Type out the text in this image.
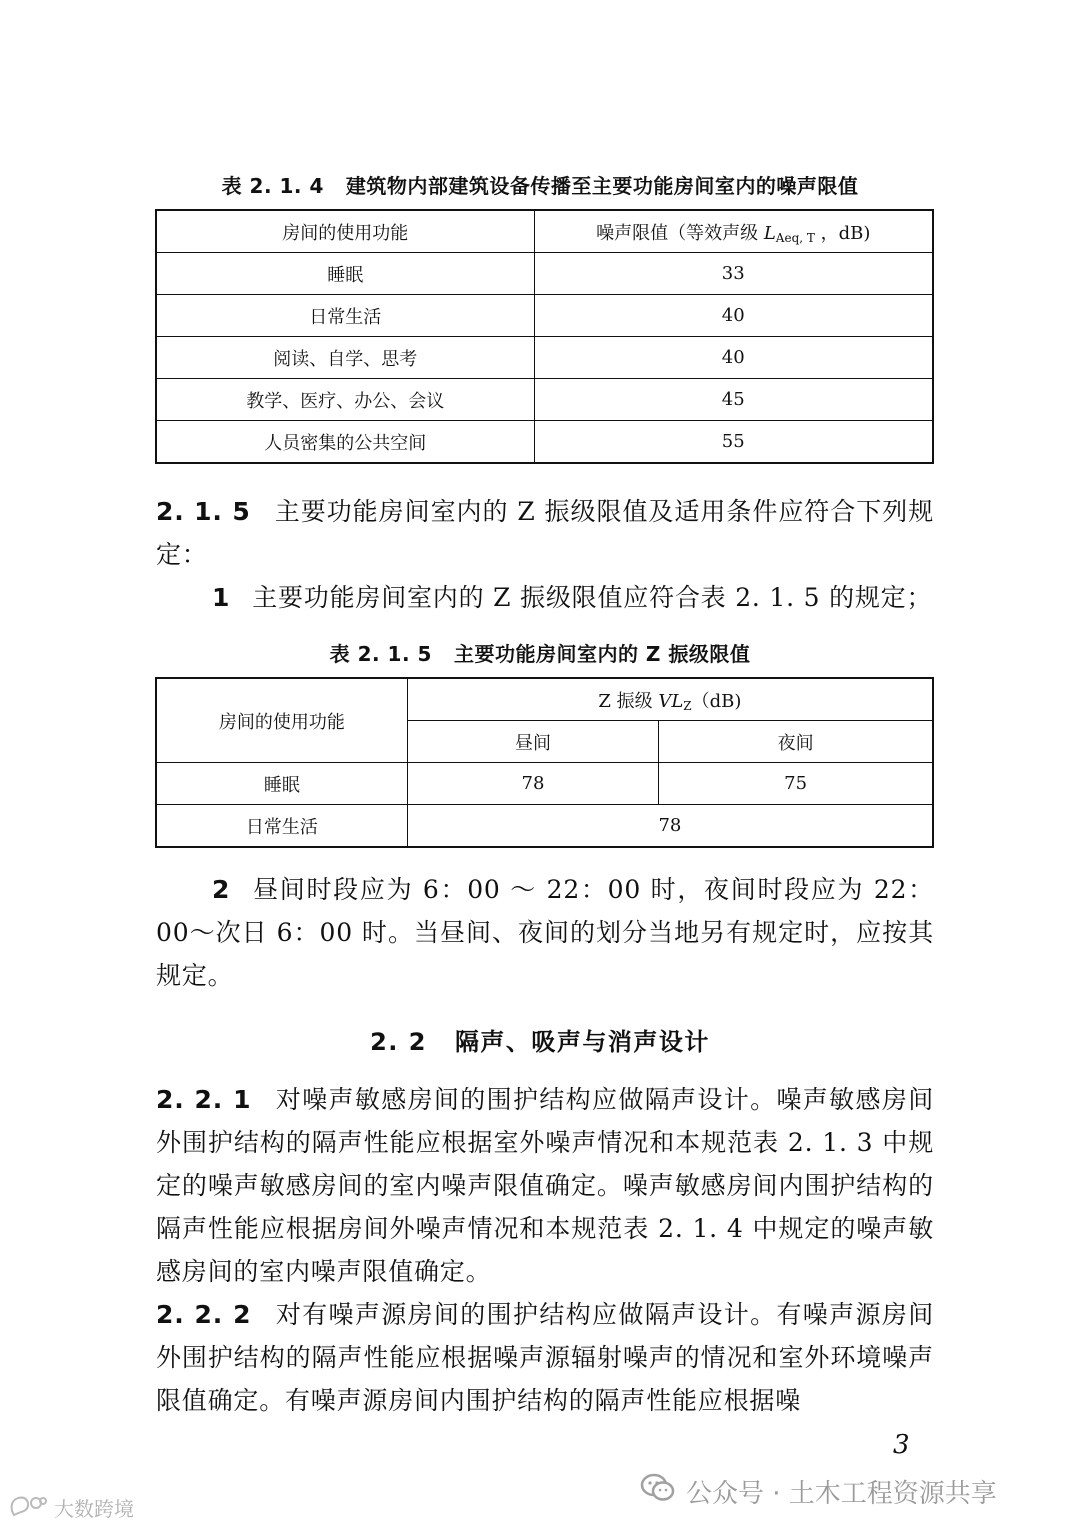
表 2. 1. 4 建筑物内部建筑设备传播至主要功能房间室内的噪声限值
房间的使用功能	噪声限值（等效声级 $L_{Aeq, T}$ ，dB)
睡眠	33
日常生活	40
阅读、自学、思考	40
教学、医疗、办公、会议	45
人员密集的公共空间	55

2. 1. 5 主要功能房间室内的 Z 振级限值及适用条件应符合下列规定：

1 主要功能房间室内的 Z 振级限值应符合表 2. 1. 5 的规定；

表 2. 1. 5 主要功能房间室内的 Z 振级限值
房间的使用功能	Z 振级 $VL_Z(dB)$	
	昼间	夜间
睡眠	78	75
日常生活	78	

2 昼间时段应为 6：00 ～ 22：00 时，夜间时段应为 22：00～次日 6：00 时。当昼间、夜间的划分当地另有规定时，应按其规定。

2. 2 隔声、吸声与消声设计

2. 2. 1 对噪声敏感房间的围护结构应做隔声设计。噪声敏感房间外围护结构的隔声性能应根据室外噪声情况和本规范表 2. 1. 3 中规定的噪声敏感房间的室内噪声限值确定。噪声敏感房间内围护结构的隔声性能应根据房间外噪声情况和本规范表 2. 1. 4 中规定的噪声敏感房间的室内噪声限值确定。

2. 2. 2 对有噪声源房间的围护结构应做隔声设计。有噪声源房间外围护结构的隔声性能应根据噪声源辐射噪声的情况和室外环境噪声限值确定。有噪声源房间内围护结构的隔声性能应根据噪

3
公众号 · 土木工程资源共享
大数跨境
